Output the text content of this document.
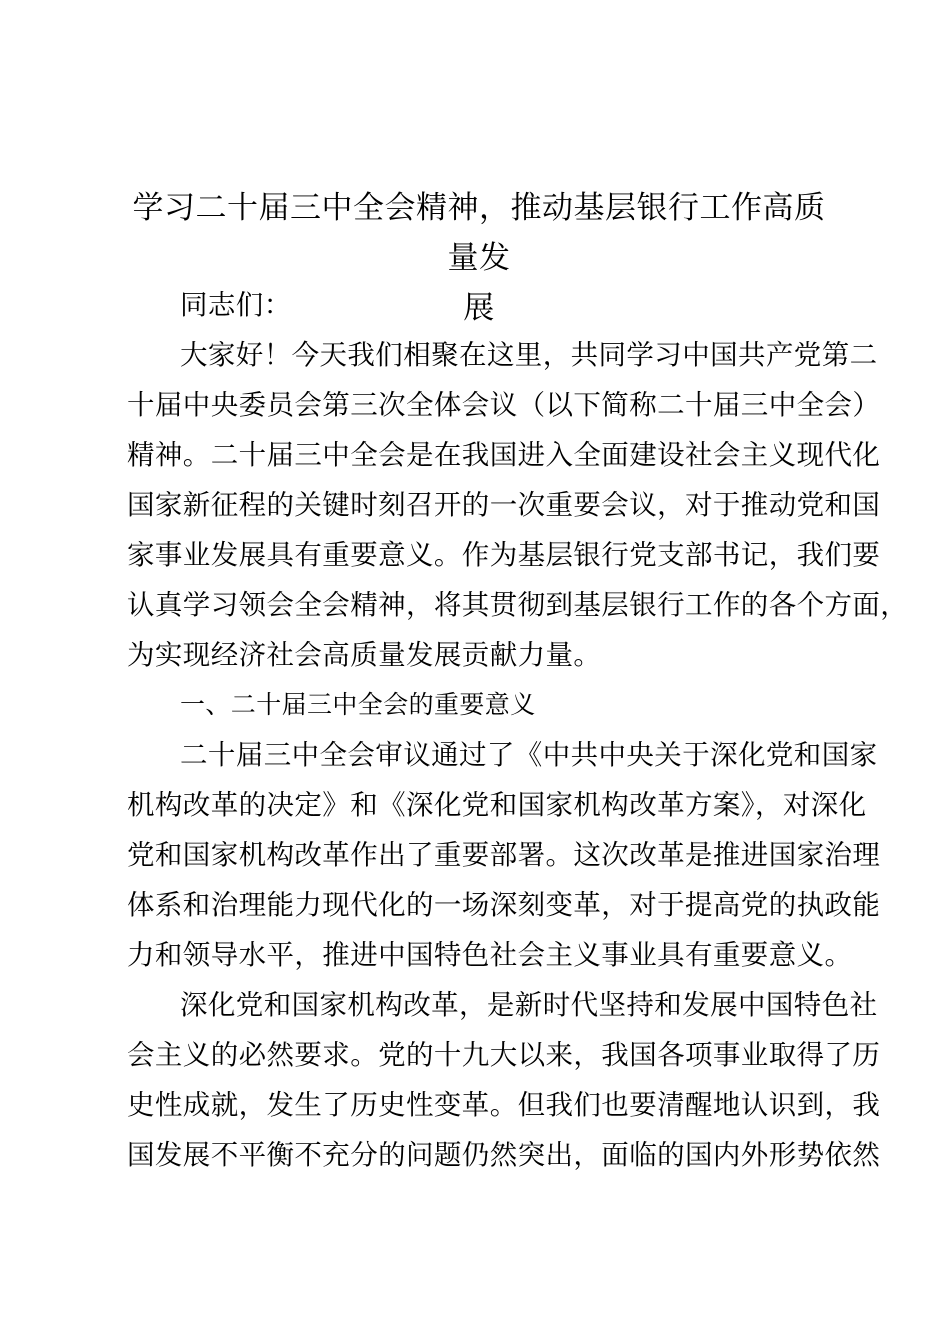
学习二十届三中全会精神，推动基层银行工作高质量发
展
同志们：
大家好！今天我们相聚在这里，共同学习中国共产党第二
十届中央委员会第三次全体会议（以下简称二十届三中全会）
精神。二十届三中全会是在我国进入全面建设社会主义现代化
国家新征程的关键时刻召开的一次重要会议，对于推动党和国
家事业发展具有重要意义。作为基层银行党支部书记，我们要
认真学习领会全会精神，将其贯彻到基层银行工作的各个方面，
为实现经济社会高质量发展贡献力量。
一、二十届三中全会的重要意义
二十届三中全会审议通过了《中共中央关于深化党和国家
机构改革的决定》和《深化党和国家机构改革方案》，对深化
党和国家机构改革作出了重要部署。这次改革是推进国家治理
体系和治理能力现代化的一场深刻变革，对于提高党的执政能
力和领导水平，推进中国特色社会主义事业具有重要意义。
深化党和国家机构改革，是新时代坚持和发展中国特色社
会主义的必然要求。党的十九大以来，我国各项事业取得了历
史性成就，发生了历史性变革。但我们也要清醒地认识到，我
国发展不平衡不充分的问题仍然突出，面临的国内外形势依然
